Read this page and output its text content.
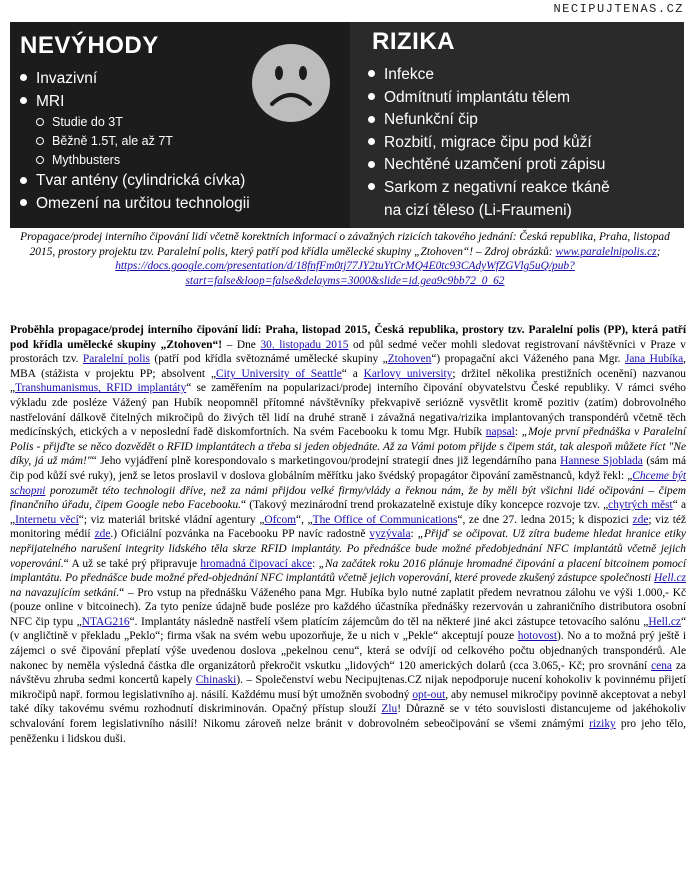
NECIPUJTENAS.CZ
NEVÝHODY
Invazivní
MRI
Studie do 3T
Běžně 1.5T, ale až 7T
Mythbusters
Tvar antény (cylindrická cívka)
Omezení na určitou technologii
RIZIKA
Infekce
Odmítnutí implantátu tělem
Nefunkční čip
Rozbití, migrace čipu pod kůží
Nechtěné uzamčení proti zápisu
Sarkom z negativní reakce tkáně
na cizí těleso (Li-Fraumeni)
Propagace/prodej interního čipování lidí včetně korektních informací o závažných rizicích takového jednání: Česká republika, Praha, listopad 2015, prostory projektu tzv. Paralelní polis, který patří pod křídla umělecké skupiny „Ztohoven“! – Zdroj obrázků: www.paralelnipolis.cz; https://docs.google.com/presentation/d/18fnfFm0tj77JY2tuYtCrMQ4E0tc93CAdyWfZGVlg5uQ/pub?start=false&loop=false&delayms=3000&slide=id.gea9c9bb72_0_62

Proběhla propagace/prodej interního čipování lidí: Praha, listopad 2015, Česká republika, prostory tzv. Paralelní polis (PP), která patří pod křídla umělecké skupiny „Ztohoven“! – Dne 30. listopadu 2015 od půl sedmé večer mohli sledovat registrovaní návštěvníci v Praze v prostorách tzv. Paralelní polis (patří pod křídla světoznámé umělecké skupiny „Ztohoven“) propagační akci Váženého pana Mgr. Jana Hubíka, MBA (stážista v projektu PP; absolvent „City University of Seattle“ a Karlovy university; držitel několika prestižních ocenění) nazvanou „Transhumanismus, RFID implantáty“ se zaměřením na popularizaci/prodej interního čipování obyvatelstvu České republiky. V rámci svého výkladu zde posléze Vážený pan Hubík neopomněl přítomné návštěvníky překvapivě seriózně vysvětlit kromě pozitiv (zatím) dobrovolného nastřelování dálkově čitelných mikročipů do živých těl lidí na druhé straně i závažná negativa/rizika implantovaných transpondérů včetně těch medicínských, etických a v neposlední řadě diskomfortních. Na svém Facebooku k tomu Mgr. Hubík napsal: „Moje první přednáška v Paralelní Polis - přijďte se něco dozvědět o RFID implantátech a třeba si jeden objednáte. Až za Vámi potom přijde s čipem stát, tak alespoň můžete říct "Ne díky, já už mám!"“ Jeho vyjádření plně korespondovalo s marketingovou/prodejní strategií dnes již legendárního pana Hannese Sjoblada (sám má čip pod kůží své ruky), jenž se letos proslavil v doslova globálním měřítku jako švédský propagátor čipování zaměstnanců, když řekl: „Chceme být schopni porozumět této technologii dříve, než za námi přijdou velké firmy/vlády a řeknou nám, že by měli být všichni lidé očipováni – čipem finančního úřadu, čipem Google nebo Facebooku.“ (Takový mezinárodní trend prokazatelně existuje díky koncepce rozvoje tzv. „chytrých měst“ a „Internetu věcí“; viz materiál britské vládní agentury „Ofcom“, „The Office of Communications“, ze dne 27. ledna 2015; k dispozici zde; viz též monitoring médií zde.) Oficiální pozvánka na Facebooku PP navíc radostně vyzývala: „Přijď se očipovat. Už zítra budeme hledat hranice etiky nepřijatelného narušení integrity lidského těla skrze RFID implantáty. Po přednášce bude možné předobjednání NFC implantátů včetně jejich voperování.“ A už se také prý připravuje hromadná čipovací akce: „Na začátek roku 2016 plánuje hromadné čipování a placení bitcoinem pomocí implantátu. Po přednášce bude možné před-objednání NFC implantátů včetně jejich voperování, které provede zkušený zástupce společnosti Hell.cz na navazujícím setkání.“ – Pro vstup na přednášku Váženého pana Mgr. Hubíka bylo nutné zaplatit předem nevratnou zálohu ve výši 1.000,- Kč (pouze online v bitcoinech). Za tyto peníze údajně bude posléze pro každého účastníka přednášky rezervován u zahraničního distributora osobní NFC čip typu „NTAG216“. Implantáty následně nastřelí všem platícím zájemcům do těl na některé jiné akci zástupce tetovacího salónu „Hell.cz“ (v angličtině v překladu „Peklo“; firma však na svém webu upozorňuje, že u nich v „Pekle“ akceptují pouze hotovost). No a to možná prý ještě i zájemci o své čipování přeplatí výše uvedenou doslova „pekelnou cenu“, která se odvíjí od celkového počtu objednaných transpondérů. Ale nakonec by neměla výsledná částka dle organizátorů překročit vskutku „lidových“ 120 amerických dolarů (cca 3.065,- Kč; pro srovnání cena za návštěvu zhruba sedmi koncertů kapely Chinaski). – Společenství webu Necipujtenas.CZ nijak nepodporuje nucení kohokoliv k povinnému přijetí mikročipů např. formou legislativního aj. násilí. Každému musí být umožněn svobodný opt-out, aby nemusel mikročipy povinně akceptovat a nebyl také díky takovému svému rozhodnutí diskriminován. Opačný přístup slouží Zlu! Důrazně se v této souvislosti distancujeme od jakéhokoliv schvalování forem legislativního násilí! Nikomu zároveň nelze bránit v dobrovolném sebeočipování se všemi známými riziky pro jeho tělo, peněženku i lidskou duši.
